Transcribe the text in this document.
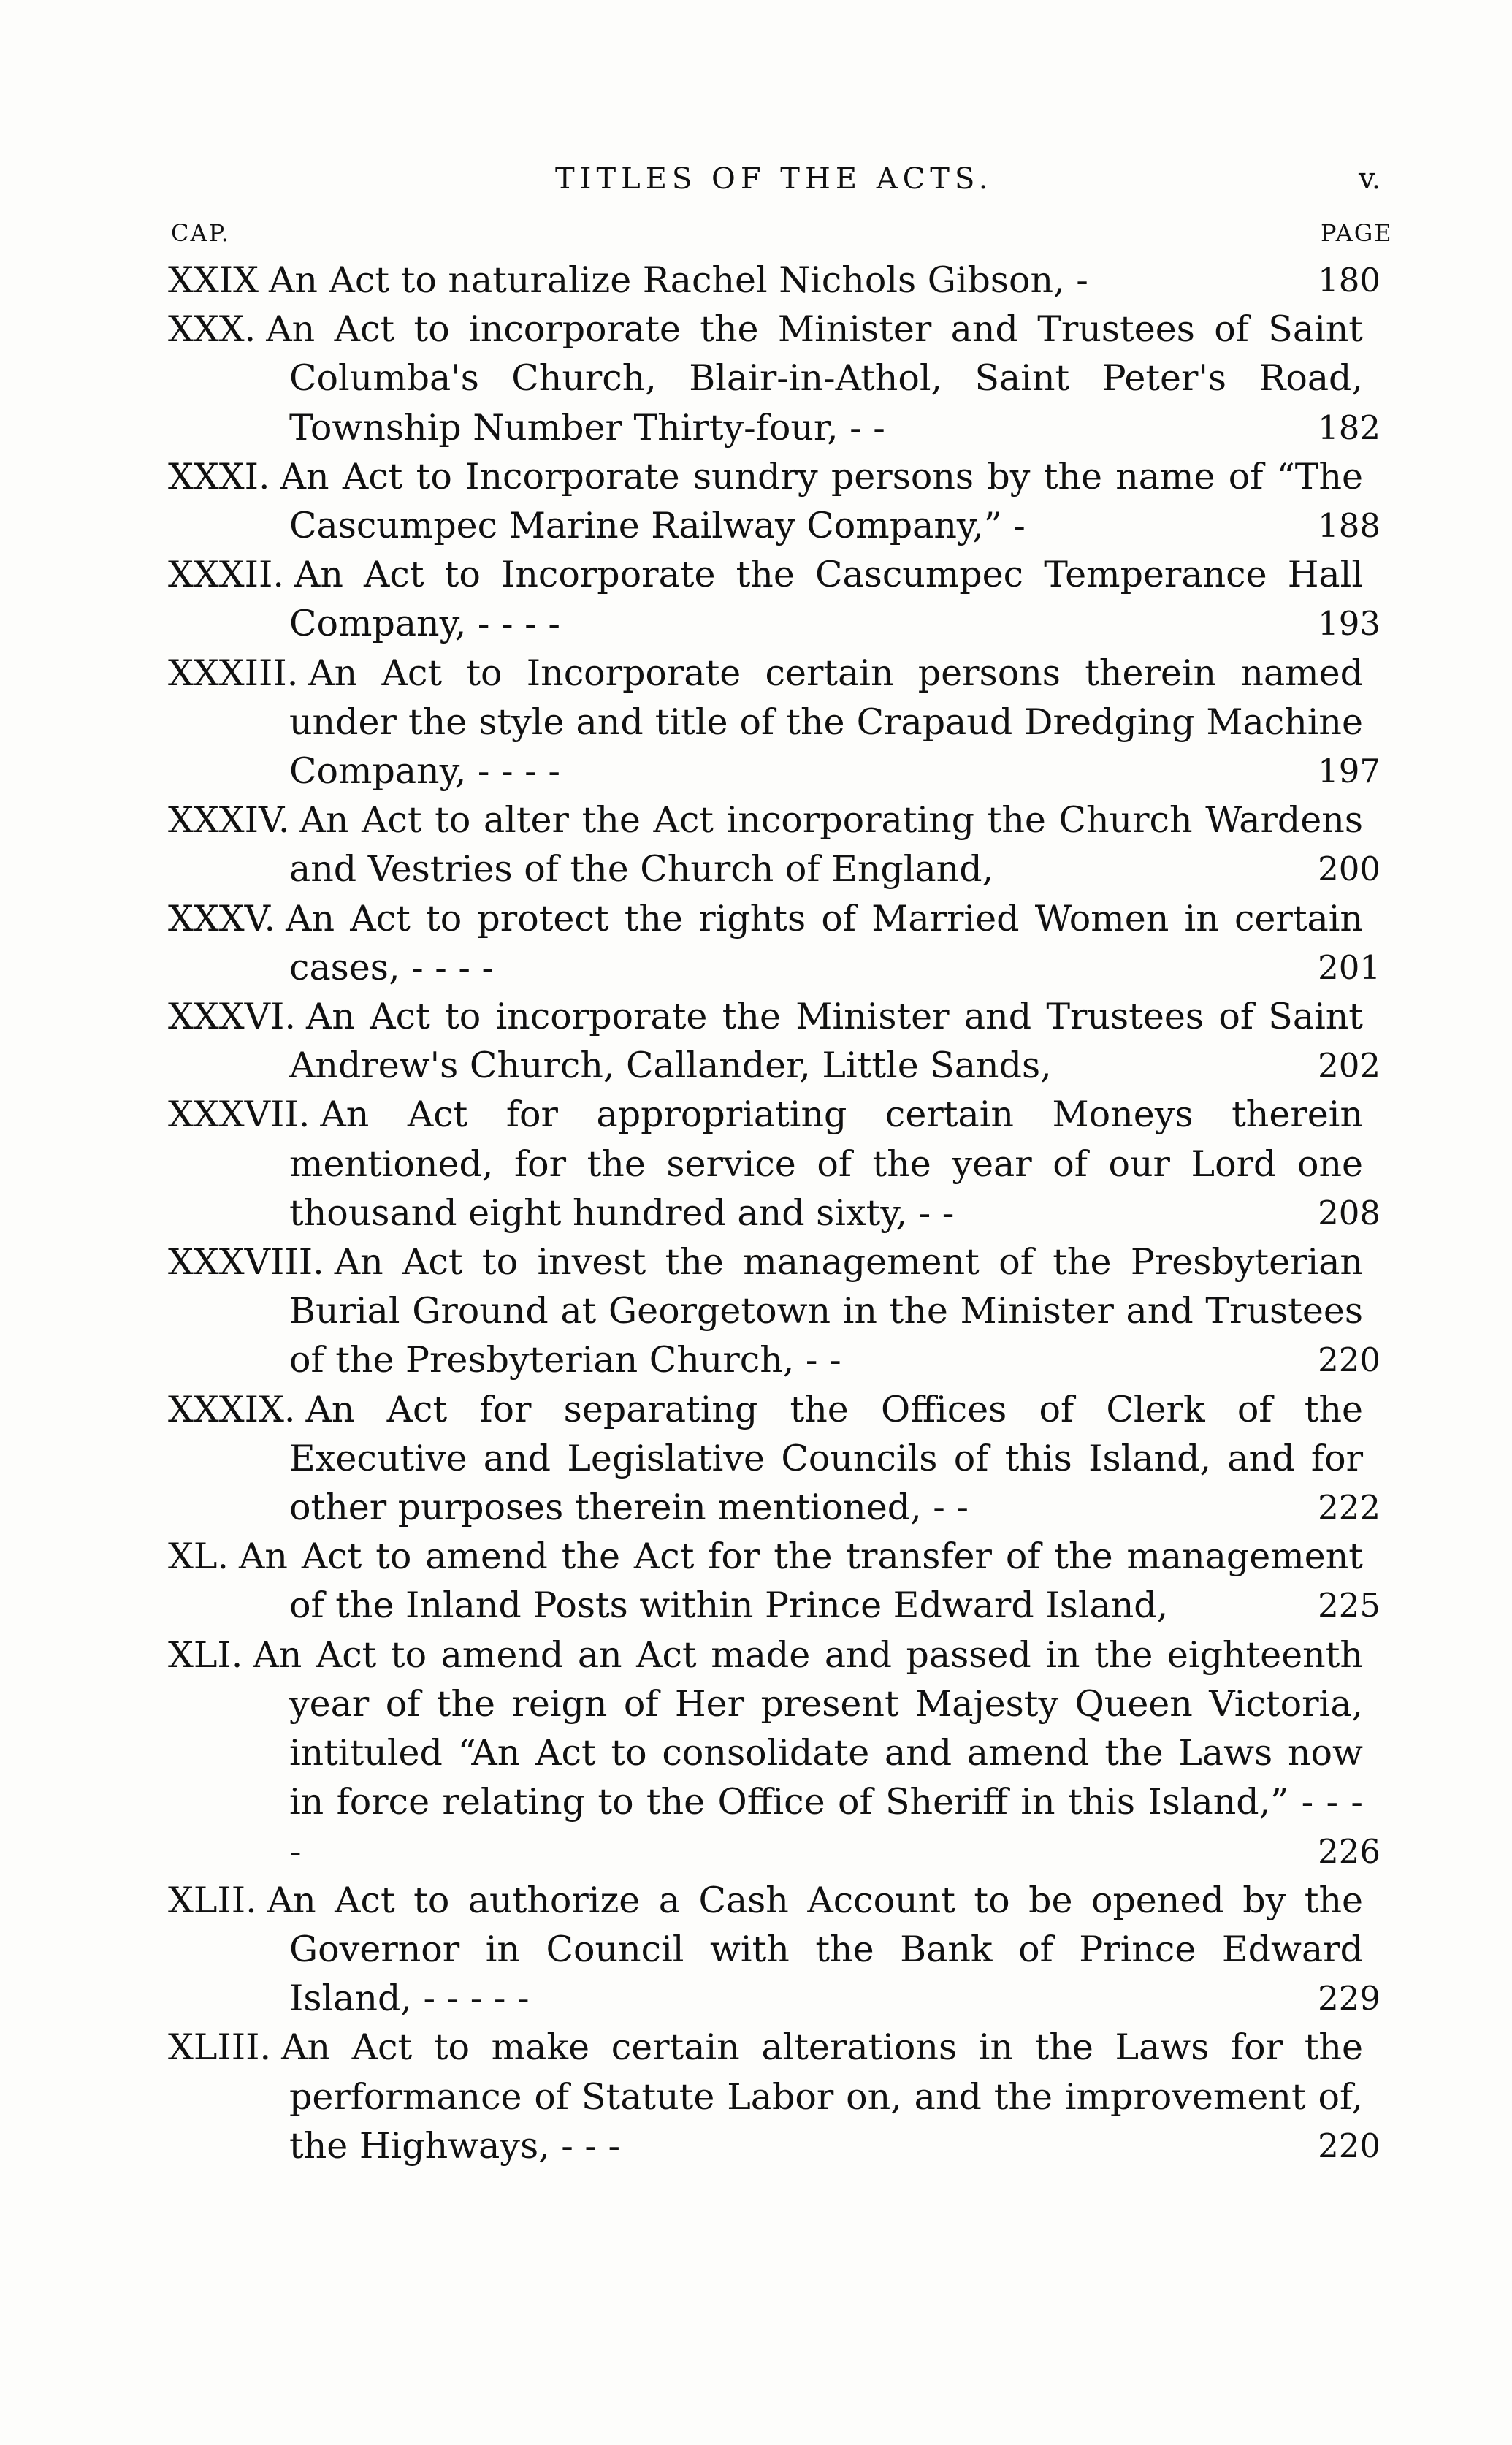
TITLES OF THE ACTS.	v.
CAP.	PAGE
XXIX An Act to naturalize Rachel Nichols Gibson, -	180
XXX. An Act to incorporate the Minister and Trustees of Saint Columba's Church, Blair-in-Athol, Saint Peter's Road, Township Number Thirty-four, - -	182
XXXI. An Act to Incorporate sundry persons by the name of “The Cascumpec Marine Railway Company,” -	188
XXXII. An Act to Incorporate the Cascumpec Temperance Hall Company, - - - -	193
XXXIII. An Act to Incorporate certain persons therein named under the style and title of the Crapaud Dredging Machine Company, - - - -	197
XXXIV. An Act to alter the Act incorporating the Church Wardens and Vestries of the Church of England,	200
XXXV. An Act to protect the rights of Married Women in certain cases, - - - -	201
XXXVI. An Act to incorporate the Minister and Trustees of Saint Andrew's Church, Callander, Little Sands,	202
XXXVII. An Act for appropriating certain Moneys therein mentioned, for the service of the year of our Lord one thousand eight hundred and sixty, - -	208
XXXVIII. An Act to invest the management of the Presbyterian Burial Ground at Georgetown in the Minister and Trustees of the Presbyterian Church, - -	220
XXXIX. An Act for separating the Offices of Clerk of the Executive and Legislative Councils of this Island, and for other purposes therein mentioned, - -	222
XL. An Act to amend the Act for the transfer of the management of the Inland Posts within Prince Edward Island,	225
XLI. An Act to amend an Act made and passed in the eighteenth year of the reign of Her present Majesty Queen Victoria, intituled “An Act to consolidate and amend the Laws now in force relating to the Office of Sheriff in this Island,” - - - -	226
XLII. An Act to authorize a Cash Account to be opened by the Governor in Council with the Bank of Prince Edward Island, - - - - -	229
XLIII. An Act to make certain alterations in the Laws for the performance of Statute Labor on, and the improvement of, the Highways, - - -	220
